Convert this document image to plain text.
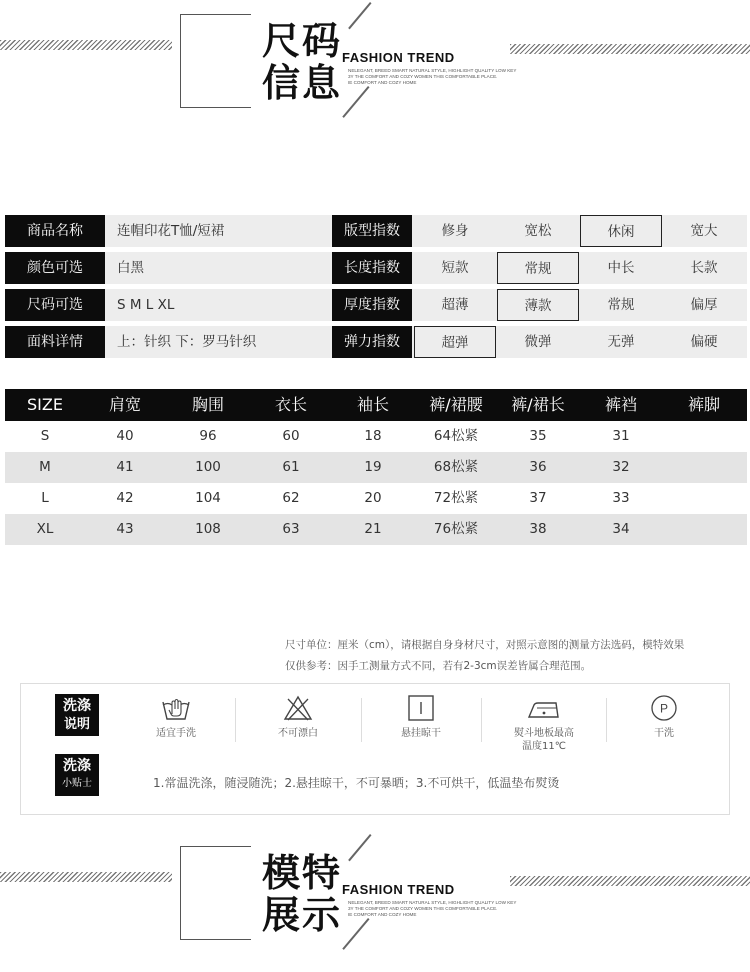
尺码
信息
FASHION TREND
NELEGANT, BREED SMART NATURAL STYLE, HIGHLIGHT QUALITY LOW KEY
3Y THE COMFORT AND COZY WOMEN THIS COMFORTABLE PLACE.
IE COMFORT AND COZY HOME
商品名称	连帽印花T恤/短裙	版型指数	修身	宽松	休闲	宽大
颜色可选	白黑	长度指数	短款	常规	中长	长款
尺码可选	S M L XL	厚度指数	超薄	薄款	常规	偏厚
面料详情	上：针织 下：罗马针织	弹力指数	超弹	微弹	无弹	偏硬
SIZE	肩宽	胸围	衣长	袖长	裤/裙腰	裤/裙长	裤裆	裤脚
S	40	96	60	18	64松紧	35	31
M	41	100	61	19	68松紧	36	32
L	42	104	62	20	72松紧	37	33
XL	43	108	63	21	76松紧	38	34
尺寸单位：厘米（cm），请根据自身身材尺寸，对照示意图的测量方法选码，模特效果
仅供参考：因手工测量方式不同，若有2-3cm误差皆属合理范围。
洗涤
说明
洗涤
小贴士
适宜手洗	不可漂白	悬挂晾干	熨斗地板最高
温度11℃
P
干洗
1.常温洗涤，随浸随洗；2.悬挂晾干，不可暴晒；3.不可烘干，低温垫布熨烫
模特
展示
FASHION TREND
NELEGANT, BREED SMART NATURAL STYLE, HIGHLIGHT QUALITY LOW KEY
3Y THE COMFORT AND COZY WOMEN THIS COMFORTABLE PLACE.
IE COMFORT AND COZY HOME
